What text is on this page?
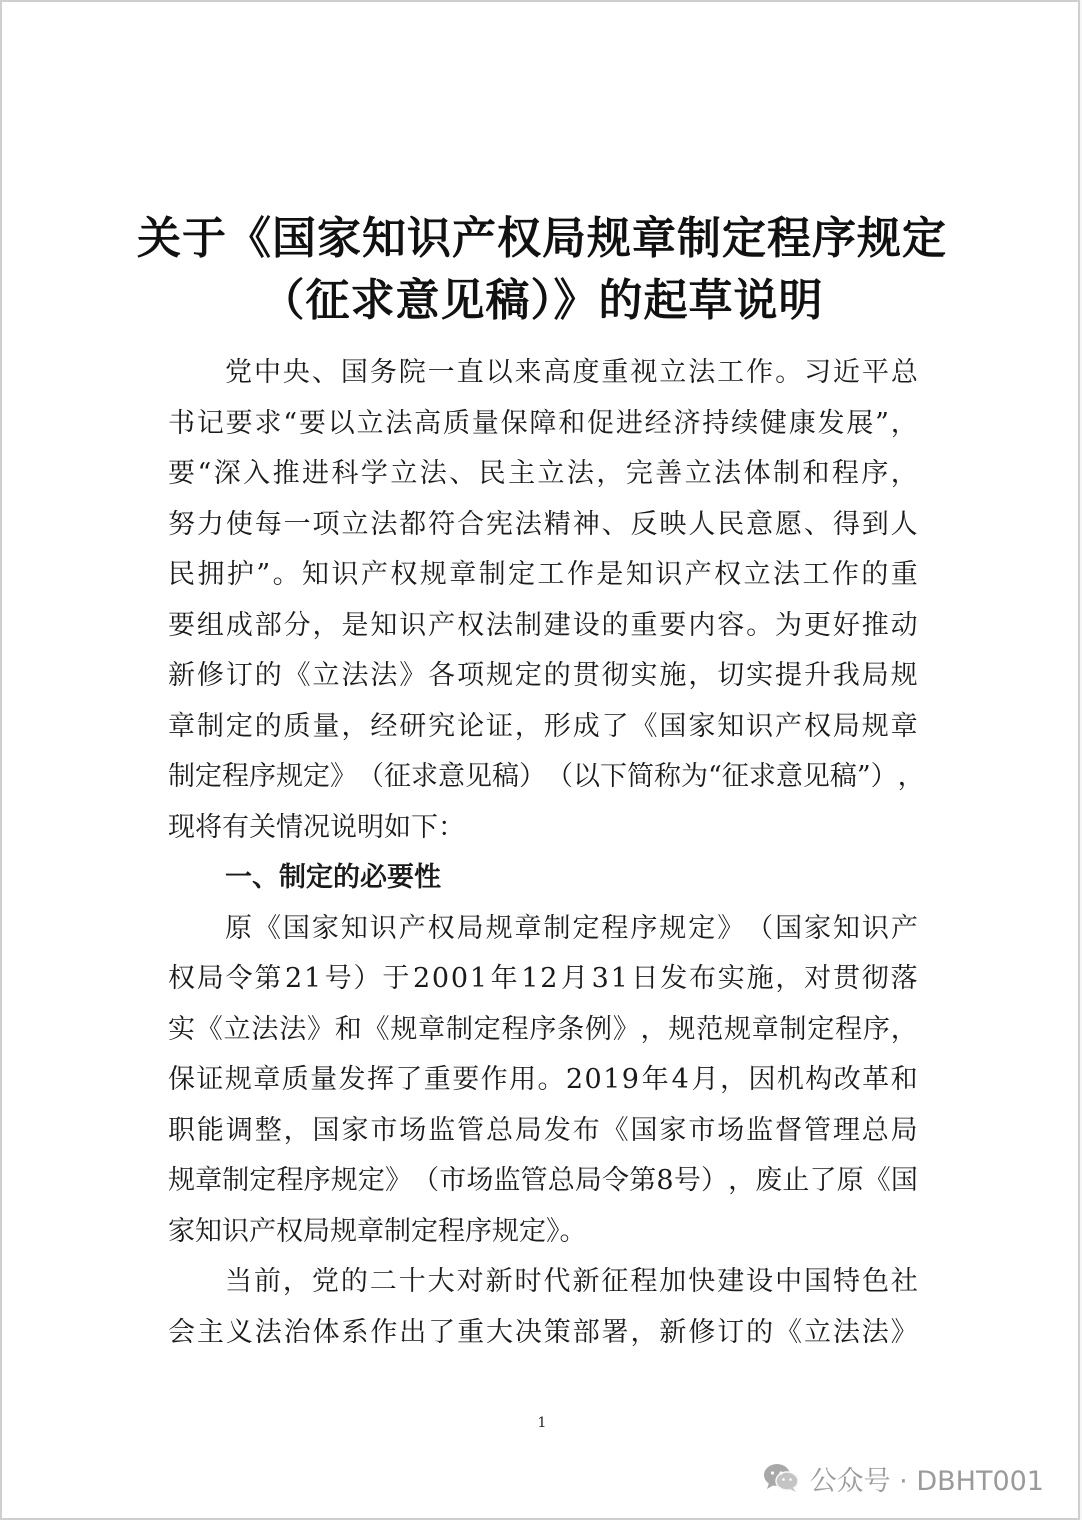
关于《国家知识产权局规章制定程序规定
（征求意见稿）》的起草说明
党 中 央 、 国 务 院 一 直 以 来 高 度 重 视 立 法 工 作 。 习 近 平 总
书 记 要 求 “ 要 以 立 法 高 质 量 保 障 和 促 进 经 济 持 续 健 康 发 展 ” ，
要 “ 深 入 推 进 科 学 立 法 、 民 主 立 法 ， 完 善 立 法 体 制 和 程 序 ，
努 力 使 每 一 项 立 法 都 符 合 宪 法 精 神 、 反 映 人 民 意 愿 、 得 到 人
民 拥 护 ” 。 知 识 产 权 规 章 制 定 工 作 是 知 识 产 权 立 法 工 作 的 重
要 组 成 部 分 ， 是 知 识 产 权 法 制 建 设 的 重 要 内 容 。 为 更 好 推 动
新 修 订 的 《 立 法 法 》 各 项 规 定 的 贯 彻 实 施 ， 切 实 提 升 我 局 规
章 制 定 的 质 量 ， 经 研 究 论 证 ， 形 成 了 《 国 家 知 识 产 权 局 规 章
制 定 程 序 规 定 》 （ 征 求 意 见 稿 ） （ 以 下 简 称 为 “ 征 求 意 见 稿 ” ） ，
现将有关情况说明如下：
一、制定的必要性
原 《 国 家 知 识 产 权 局 规 章 制 定 程 序 规 定 》 （ 国 家 知 识 产
权 局 令 第 2 1 号 ） 于 2 0 0 1 年 1 2 月 3 1 日 发 布 实 施 ， 对 贯 彻 落
实 《 立 法 法 》 和 《 规 章 制 定 程 序 条 例 》 ， 规 范 规 章 制 定 程 序 ，
保 证 规 章 质 量 发 挥 了 重 要 作 用 。 2 0 1 9 年 4 月 ， 因 机 构 改 革 和
职 能 调 整 ， 国 家 市 场 监 管 总 局 发 布 《 国 家 市 场 监 督 管 理 总 局
规 章 制 定 程 序 规 定 》 （ 市 场 监 管 总 局 令 第 8 号 ） ， 废 止 了 原 《 国
家知识产权局规章制定程序规定》。
当 前 ， 党 的 二 十 大 对 新 时 代 新 征 程 加 快 建 设 中 国 特 色 社
会 主 义 法 治 体 系 作 出 了 重 大 决 策 部 署 ， 新 修 订 的 《 立 法 法 》
1
公众号 · DBHT001
